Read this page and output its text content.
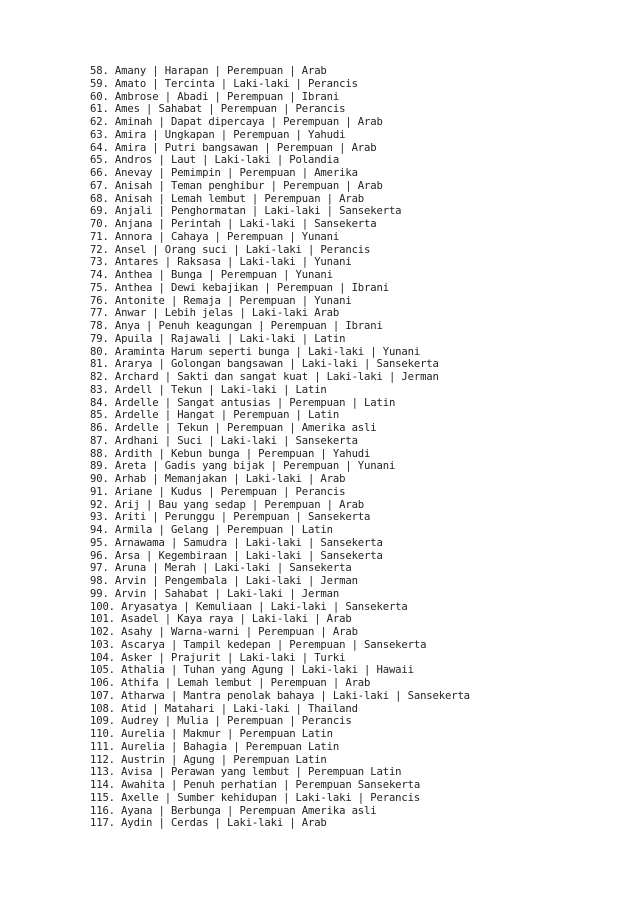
58. Amany | Harapan | Perempuan | Arab
59. Amato | Tercinta | Laki-laki | Perancis
60. Ambrose | Abadi | Perempuan | Ibrani
61. Ames | Sahabat | Perempuan | Perancis
62. Aminah | Dapat dipercaya | Perempuan | Arab
63. Amira | Ungkapan | Perempuan | Yahudi
64. Amira | Putri bangsawan | Perempuan | Arab
65. Andros | Laut | Laki-laki | Polandia
66. Anevay | Pemimpin | Perempuan | Amerika
67. Anisah | Teman penghibur | Perempuan | Arab
68. Anisah | Lemah lembut | Perempuan | Arab
69. Anjali | Penghormatan | Laki-laki | Sansekerta
70. Anjana | Perintah | Laki-laki | Sansekerta
71. Annora | Cahaya | Perempuan | Yunani
72. Ansel | Orang suci | Laki-laki | Perancis
73. Antares | Raksasa | Laki-laki | Yunani
74. Anthea | Bunga | Perempuan | Yunani
75. Anthea | Dewi kebajikan | Perempuan | Ibrani
76. Antonite | Remaja | Perempuan | Yunani
77. Anwar | Lebih jelas | Laki-laki Arab
78. Anya | Penuh keagungan | Perempuan | Ibrani
79. Apuila | Rajawali | Laki-laki | Latin
80. Araminta Harum seperti bunga | Laki-laki | Yunani
81. Ararya | Golongan bangsawan | Laki-laki | Sansekerta
82. Archard | Sakti dan sangat kuat | Laki-laki | Jerman
83. Ardell | Tekun | Laki-laki | Latin
84. Ardelle | Sangat antusias | Perempuan | Latin
85. Ardelle | Hangat | Perempuan | Latin
86. Ardelle | Tekun | Perempuan | Amerika asli
87. Ardhani | Suci | Laki-laki | Sansekerta
88. Ardith | Kebun bunga | Perempuan | Yahudi
89. Areta | Gadis yang bijak | Perempuan | Yunani
90. Arhab | Memanjakan | Laki-laki | Arab
91. Ariane | Kudus | Perempuan | Perancis
92. Arij | Bau yang sedap | Perempuan | Arab
93. Ariti | Perunggu | Perempuan | Sansekerta
94. Armila | Gelang | Perempuan | Latin
95. Arnawama | Samudra | Laki-laki | Sansekerta
96. Arsa | Kegembiraan | Laki-laki | Sansekerta
97. Aruna | Merah | Laki-laki | Sansekerta
98. Arvin | Pengembala | Laki-laki | Jerman
99. Arvin | Sahabat | Laki-laki | Jerman
100. Aryasatya | Kemuliaan | Laki-laki | Sansekerta
101. Asadel | Kaya raya | Laki-laki | Arab
102. Asahy | Warna-warni | Perempuan | Arab
103. Ascarya | Tampil kedepan | Perempuan | Sansekerta
104. Asker | Prajurit | Laki-laki | Turki
105. Athalia | Tuhan yang Agung | Laki-laki | Hawaii
106. Athifa | Lemah lembut | Perempuan | Arab
107. Atharwa | Mantra penolak bahaya | Laki-laki | Sansekerta
108. Atid | Matahari | Laki-laki | Thailand
109. Audrey | Mulia | Perempuan | Perancis
110. Aurelia | Makmur | Perempuan Latin
111. Aurelia | Bahagia | Perempuan Latin
112. Austrin | Agung | Perempuan Latin
113. Avisa | Perawan yang lembut | Perempuan Latin
114. Awahita | Penuh perhatian | Perempuan Sansekerta
115. Axelle | Sumber kehidupan | Laki-laki | Perancis
116. Ayana | Berbunga | Perempuan Amerika asli
117. Aydin | Cerdas | Laki-laki | Arab
